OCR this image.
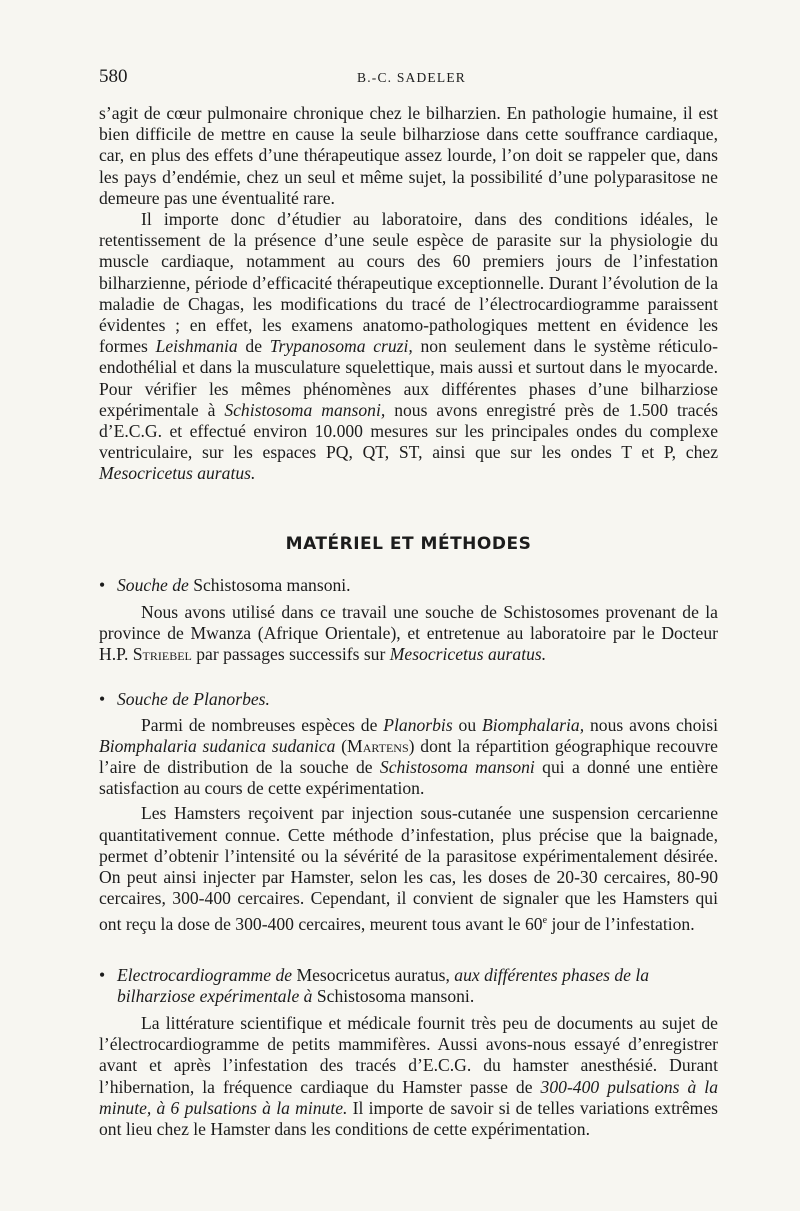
580	B.-C. SADELER

s’agit de cœur pulmonaire chronique chez le bilharzien. En pathologie humaine, il est bien difficile de mettre en cause la seule bilharziose dans cette souffrance cardiaque, car, en plus des effets d’une thérapeutique assez lourde, l’on doit se rappeler que, dans les pays d’endémie, chez un seul et même sujet, la possibilité d’une polyparasitose ne demeure pas une éventualité rare.

Il importe donc d’étudier au laboratoire, dans des conditions idéales, le retentissement de la présence d’une seule espèce de parasite sur la physiologie du muscle cardiaque, notamment au cours des 60 premiers jours de l’infestation bilharzienne, période d’efficacité thérapeutique exceptionnelle. Durant l’évolution de la maladie de Chagas, les modifications du tracé de l’électrocardiogramme paraissent évidentes ; en effet, les examens anatomo-pathologiques mettent en évidence les formes Leishmania de Trypanosoma cruzi, non seulement dans le système réticulo-endothélial et dans la musculature squelettique, mais aussi et surtout dans le myocarde. Pour vérifier les mêmes phénomènes aux différentes phases d’une bilharziose expérimentale à Schistosoma mansoni, nous avons enregistré près de 1.500 tracés d’E.C.G. et effectué environ 10.000 mesures sur les principales ondes du complexe ventriculaire, sur les espaces PQ, QT, ST, ainsi que sur les ondes T et P, chez Mesocricetus auratus.

MATÉRIEL ET MÉTHODES
• Souche de Schistosoma mansoni.

Nous avons utilisé dans ce travail une souche de Schistosomes provenant de la province de Mwanza (Afrique Orientale), et entretenue au laboratoire par le Docteur H.P. Striebel par passages successifs sur Mesocricetus auratus.

• Souche de Planorbes.

Parmi de nombreuses espèces de Planorbis ou Biomphalaria, nous avons choisi Biomphalaria sudanica sudanica (Martens) dont la répartition géographique recouvre l’aire de distribution de la souche de Schistosoma mansoni qui a donné une entière satisfaction au cours de cette expérimentation.

Les Hamsters reçoivent par injection sous-cutanée une suspension cercarienne quantitativement connue. Cette méthode d’infestation, plus précise que la baignade, permet d’obtenir l’intensité ou la sévérité de la parasitose expérimentalement désirée. On peut ainsi injecter par Hamster, selon les cas, les doses de 20-30 cercaires, 80-90 cercaires, 300-400 cercaires. Cependant, il convient de signaler que les Hamsters qui ont reçu la dose de 300-400 cercaires, meurent tous avant le 60e jour de l’infestation.

• Electrocardiogramme de Mesocricetus auratus, aux différentes phases de la bilharziose expérimentale à Schistosoma mansoni.

La littérature scientifique et médicale fournit très peu de documents au sujet de l’électrocardiogramme de petits mammifères. Aussi avons-nous essayé d’enregistrer avant et après l’infestation des tracés d’E.C.G. du hamster anesthésié. Durant l’hibernation, la fréquence cardiaque du Hamster passe de 300-400 pulsations à la minute, à 6 pulsations à la minute. Il importe de savoir si de telles variations extrêmes ont lieu chez le Hamster dans les conditions de cette expérimentation.
